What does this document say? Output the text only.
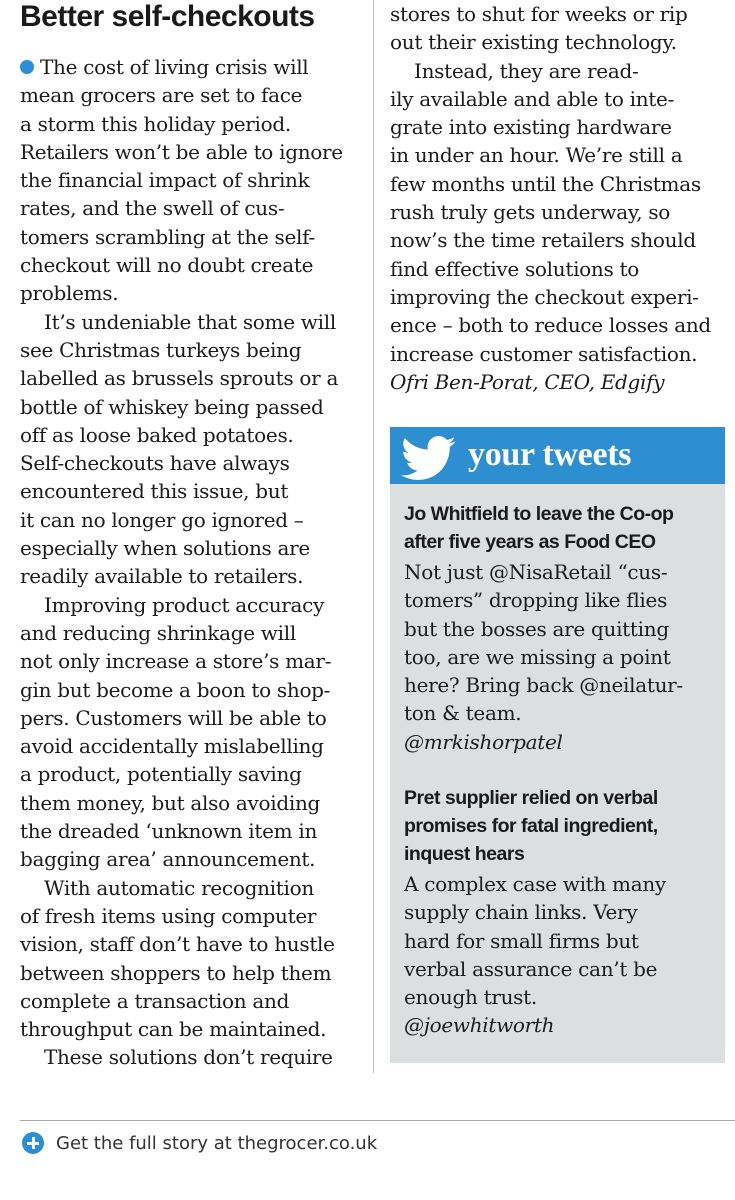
Better self-checkouts
The cost of living crisis will
mean grocers are set to face
a storm this holiday period.
Retailers won’t be able to ignore
the financial impact of shrink
rates, and the swell of cus-
tomers scrambling at the self-
checkout will no doubt create
problems.
It’s undeniable that some will
see Christmas turkeys being
labelled as brussels sprouts or a
bottle of whiskey being passed
off as loose baked potatoes.
Self-checkouts have always
encountered this issue, but
it can no longer go ignored –
especially when solutions are
readily available to retailers.
Improving product accuracy
and reducing shrinkage will
not only increase a store’s mar-
gin but become a boon to shop-
pers. Customers will be able to
avoid accidentally mislabelling
a product, potentially saving
them money, but also avoiding
the dreaded ‘unknown item in
bagging area’ announcement.
With automatic recognition
of fresh items using computer
vision, staff don’t have to hustle
between shoppers to help them
complete a transaction and
throughput can be maintained.
These solutions don’t require
stores to shut for weeks or rip
out their existing technology.
Instead, they are read-
ily available and able to inte-
grate into existing hardware
in under an hour. We’re still a
few months until the Christmas
rush truly gets underway, so
now’s the time retailers should
find effective solutions to
improving the checkout experi-
ence – both to reduce losses and
increase customer satisfaction.
Ofri Ben-Porat, CEO, Edgify
your tweets
Jo Whitfield to leave the Co-op
after five years as Food CEO
Not just @NisaRetail “cus-
tomers” dropping like flies
but the bosses are quitting
too, are we missing a point
here? Bring back @neilatur-
ton & team.
@mrkishorpatel
Pret supplier relied on verbal
promises for fatal ingredient,
inquest hears
A complex case with many
supply chain links. Very
hard for small firms but
verbal assurance can’t be
enough trust.
@joewhitworth
Get the full story at thegrocer.co.uk
